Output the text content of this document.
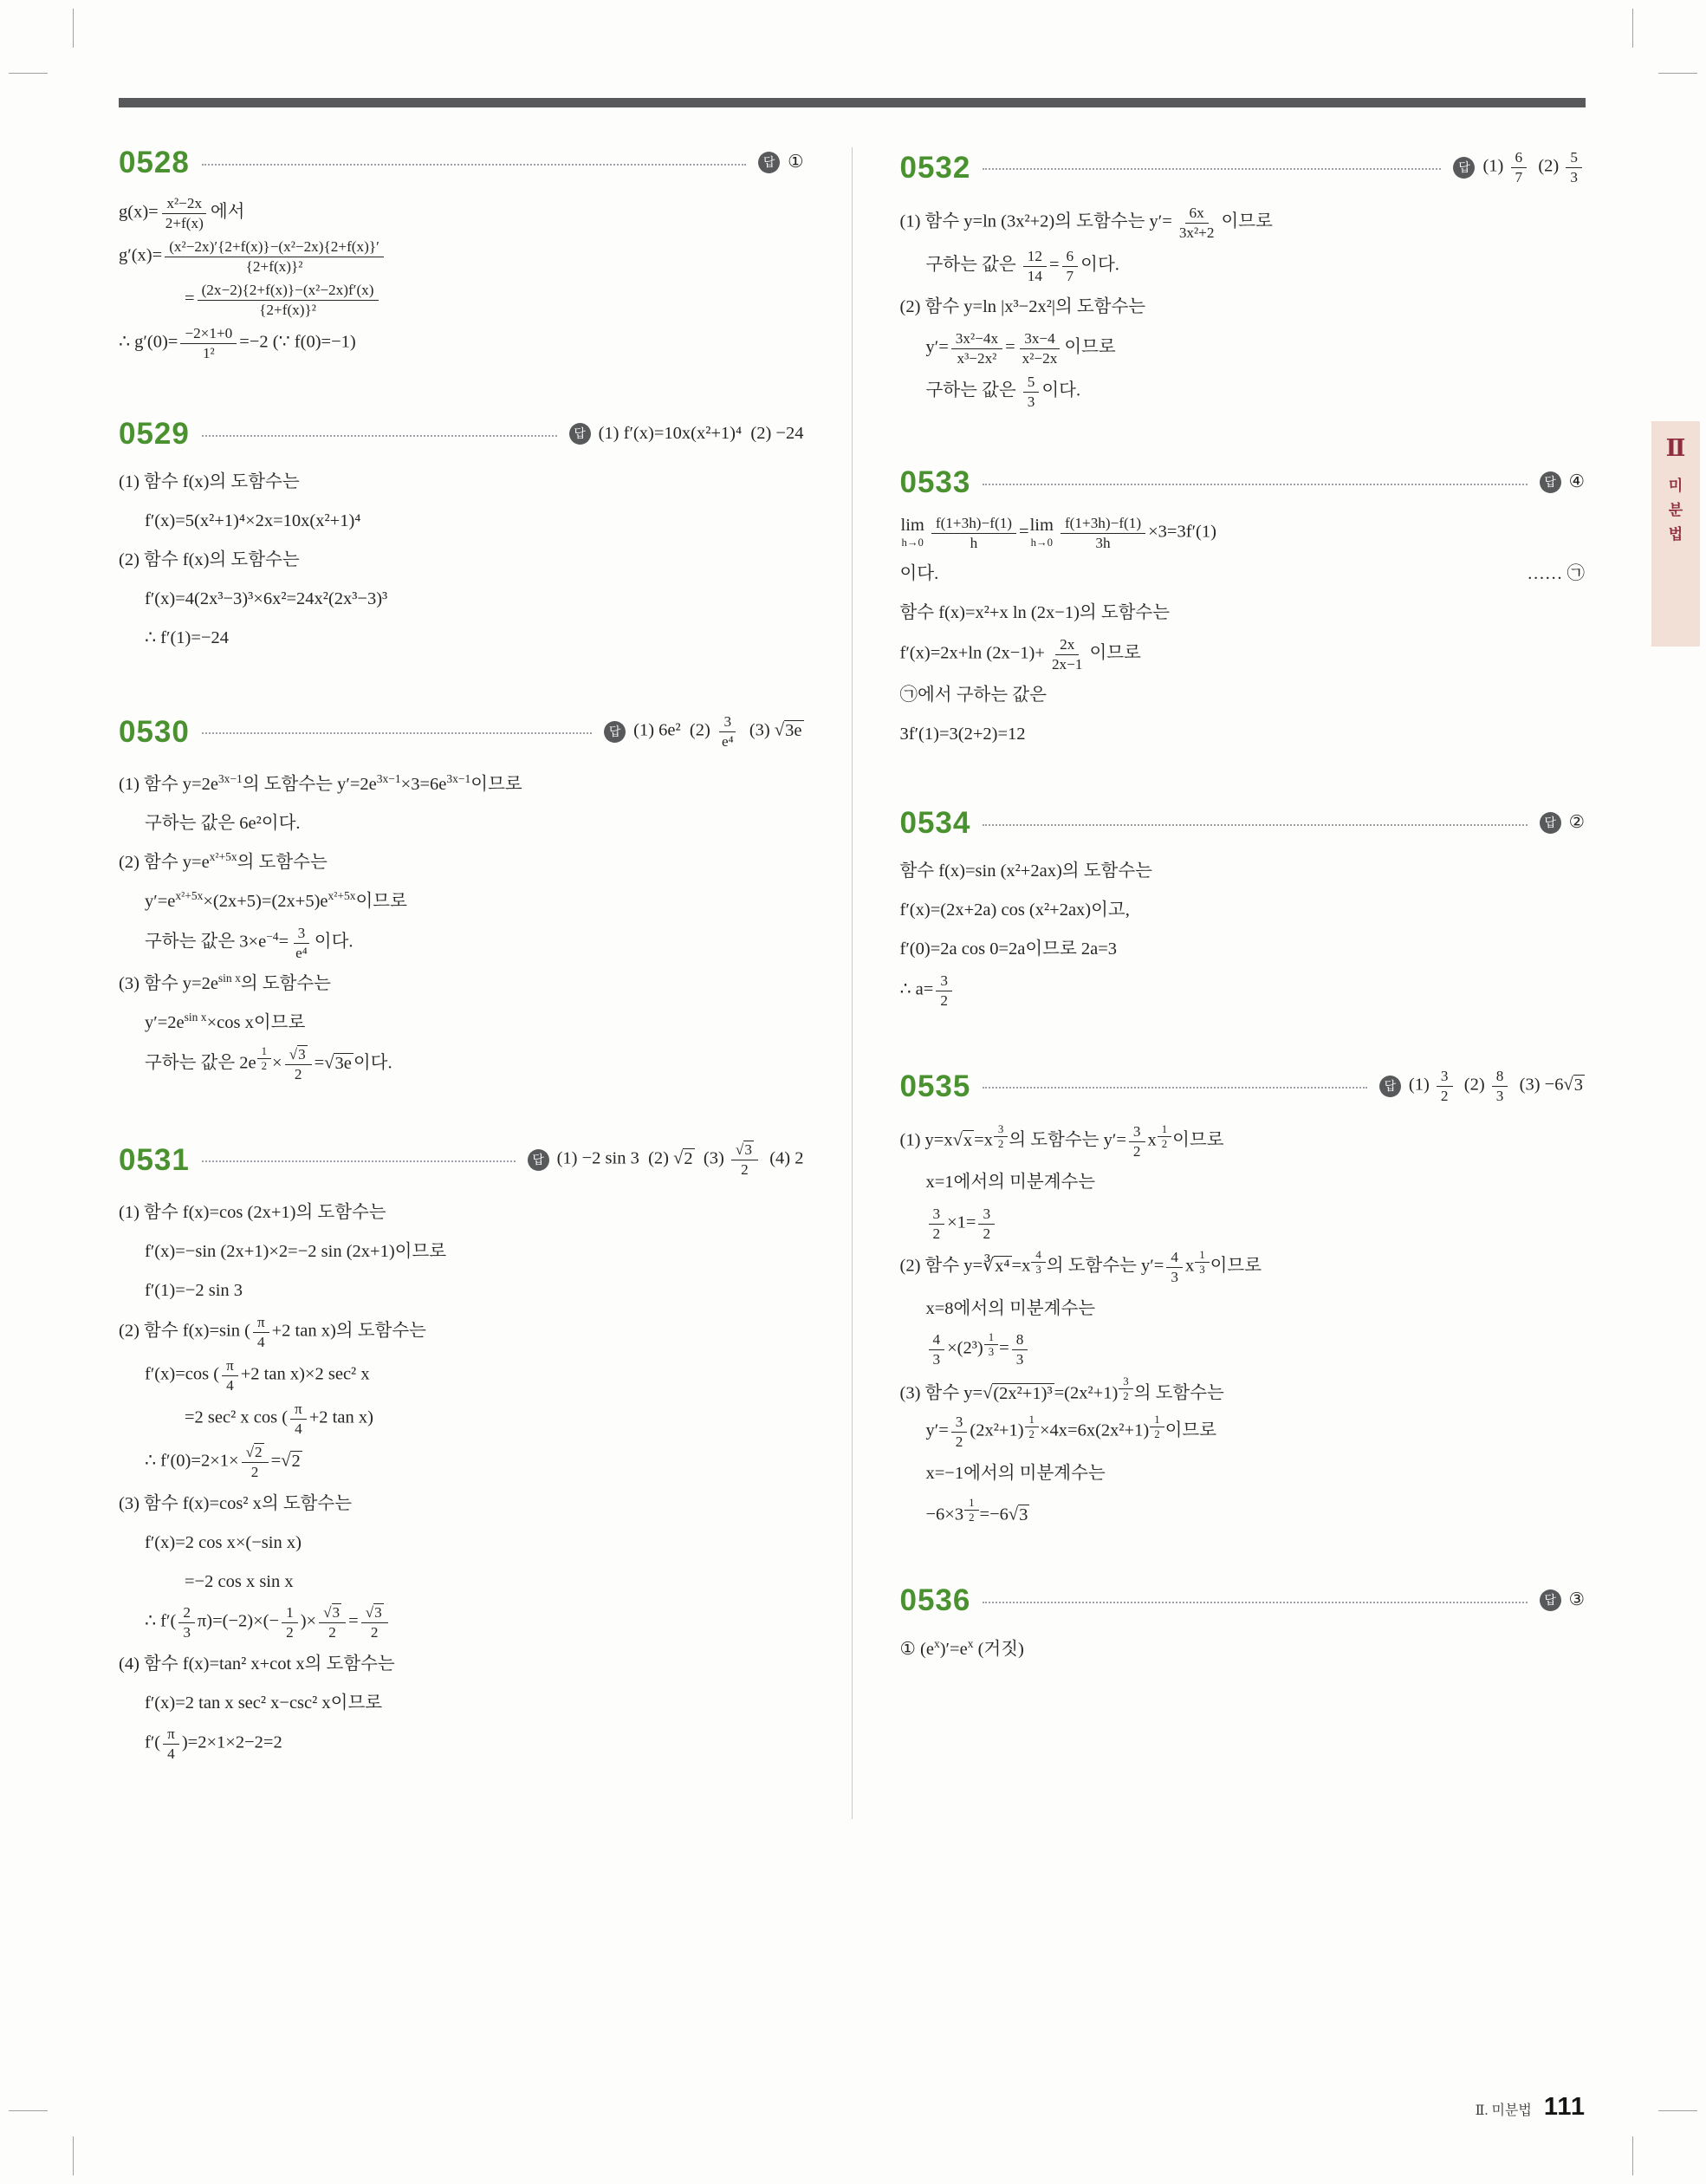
0528	답 ①
$g(x)= \frac{\text{x²−2x}}{2+f(x)}$ 에서
$g'(x)= \frac{\text{(x²−2x)′\{2+f(x)\}−(x²−2x)\{2+f(x)\}′}}{\text{\{2+f(x)\}²}}$
= $\frac{\text{(2x−2)\{2+f(x)\}−(x²−2x)f′(x)}}{\text{\{2+f(x)\}²}}$
∴ $g'(0)= \frac{-2\times 1+0}{\text{1²}} =-2$ (∵ f(0)=−1)
0529	답 (1) f′(x)=10x(x²+1)⁴  (2) −24
(1) 함수 f(x)의 도함수는
f′(x)=5(x²+1)⁴×2x=10x(x²+1)⁴
(2) 함수 f(x)의 도함수는
f′(x)=4(2x³−3)³×6x²=24x²(2x³−3)³
∴ f′(1)=−24
0530	답 (1) 6e²  $(2) \frac{3}{\text{e⁴}} (3)$ √3e
(1) 함수 $y=2e^{3x-1}$의 도함수는 $y'=2e^{3x-1}\times 3=6e^{3x-1}$이므로
구하는 값은 6e²이다.
(2) 함수 $y=e^{x^2+5x}$의 도함수는
$y'=e^{x^2+5x}\times(2x+5)=(2x+5)e^{x^2+5x}$이므로
구하는 값은 $3\times e^{-4}= \frac{3}{\text{e⁴}}$ 이다.
(3) 함수 $y=2e^{sin x}$의 도함수는
$y'=2e^{sin x}\times\cos$ x이므로
구하는 값은 2e $^{\frac{1}{2}} \times \frac{√3}{2} =√3e$이다.
0531	답 (1) −2 sin 3  (2) √2  $(3) \frac{√3}{2} (4)$ 2
(1) 함수 f(x)=cos (2x+1)의 도함수는
f′(x)=−sin (2x+1)×2=−2 sin (2x+1)이므로
f′(1)=−2 sin 3
(2) 함수 f(x)=sin ( $\frac{\pi}{4} +2$ tan x)의 도함수는
f′(x)=cos ( $\frac{\pi}{4} +2$ tan x)×2 sec² x
=2 sec² x cos ( $\frac{\pi}{4} +2$ tan x)
∴ $f'(0)=2\times 1\times \frac{√2}{2} =√2$
(3) 함수 f(x)=cos² x의 도함수는
f′(x)=2 cos x×(−sin x)
=−2 cos x sin x
∴ $f'( \frac{2}{3} \pi)=(-2)\times(- \frac{1}{2}$ )× $\frac{√3}{2} = \frac{√3}{2}$
(4) 함수 f(x)=tan² x+cot x의 도함수는
f′(x)=2 tan x sec² x−csc² x이므로
$f'( \frac{\pi}{4} )=2\times 1\times 2-2=2$
0532	답 $(1) \frac{6}{7} (2) \frac{5}{3}$
(1) 함수 y=ln (3x²+2)의 도함수는 $y'= \frac{6x}{\text{3x²+2}}$ 이므로
구하는 값은 $\frac{12}{14} = \frac{6}{7}$ 이다.
(2) 함수 y=ln |x³−2x²|의 도함수는
$y'= \frac{\text{3x²−4x}}{\text{x³−2x²}} = \frac{3x-4}{\text{x²−2x}}$ 이므로
구하는 값은 $\frac{5}{3}$ 이다.
0533	답 ④
lim
$h\to 0 \frac{f(1+3h)-f(1)}{h} = \lim$
$h\to 0 \frac{f(1+3h)-f(1)}{3h} \times 3=3f'(1)$
이다.	…… ㉠
함수 f(x)=x²+x ln (2x−1)의 도함수는
f′(x)=2x+ln $(2x-1)+ \frac{2x}{2x-1}$ 이므로
㉠에서 구하는 값은
3f′(1)=3(2+2)=12
0534	답 ②
함수 f(x)=sin (x²+2ax)의 도함수는
f′(x)=(2x+2a) cos (x²+2ax)이고,
f′(0)=2a cos 0=2a이므로 2a=3
∴ $a= \frac{3}{2}$
0535	답 $(1) \frac{3}{2} (2) \frac{8}{3} (3) -6√3$
(1) y=x√x=x $^{\frac{3}{2}}$ 의 도함수는 $y'= \frac{3}{2}$ x $^{\frac{1}{2}}$ 이므로
x=1에서의 미분계수는
$\frac{3}{2} \times 1= \frac{3}{2}$
(2) 함수 y=∛x⁴=x $^{\frac{4}{3}}$ 의 도함수는 $y'= \frac{4}{3}$ x $^{\frac{1}{3}}$ 이므로
x=8에서의 미분계수는
$\frac{4}{3} \times(2^3) ^{\frac{1}{3}} = \frac{8}{3}$
(3) 함수 y=√(2x²+1)³=(2x²+1) $^{\frac{3}{2}}$ 의 도함수는
$y'= \frac{3}{2} (2x^2+1)$ $^{\frac{1}{2}}$ ×4x=6x(2x²+1) $^{\frac{1}{2}}$ 이므로
x=−1에서의 미분계수는
−6×3 $^{\frac{1}{2}}$ =−6√3
0536	답 ③
① $(e^x)'=e^x$ (거짓)
Ⅱ
미분법
Ⅱ. 미분법 111
